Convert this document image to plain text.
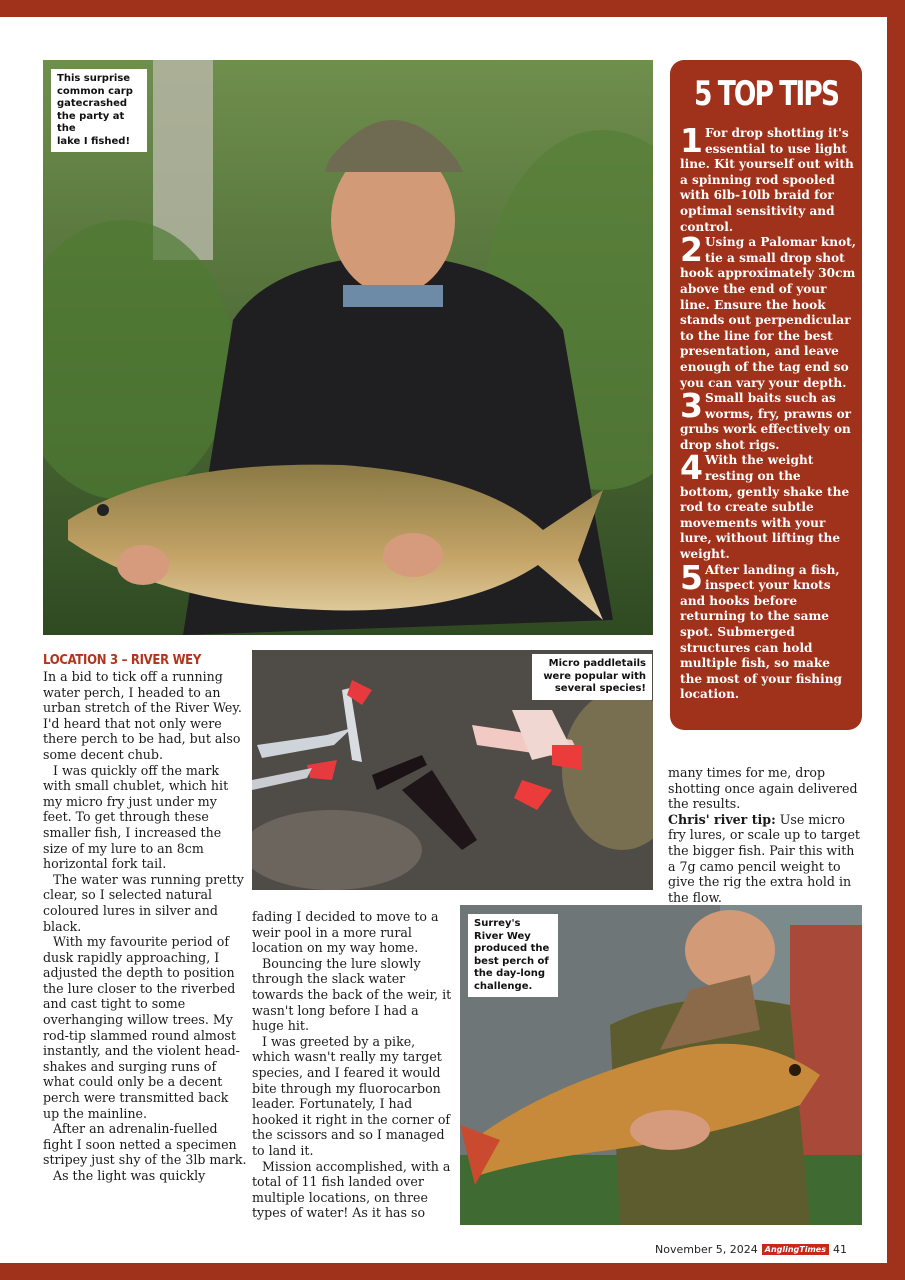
This surprise
common carp
gatecrashed
the party at the
lake I fished!
5 TOP TIPS

1 For drop shotting it's essential to use light line. Kit yourself out with a spinning rod spooled with 6lb-10lb braid for optimal sensitivity and control.

2 Using a Palomar knot, tie a small drop shot hook approximately 30cm above the end of your line. Ensure the hook stands out perpendicular to the line for the best presentation, and leave enough of the tag end so you can vary your depth.

3 Small baits such as worms, fry, prawns or grubs work effectively on drop shot rigs.

4 With the weight resting on the bottom, gently shake the rod to create subtle movements with your lure, without lifting the weight.

5 After landing a fish, inspect your knots and hooks before returning to the same spot. Submerged structures can hold multiple fish, so make the most of your fishing location.

LOCATION 3 – RIVER WEY

In a bid to tick off a running water perch, I headed to an urban stretch of the River Wey. I'd heard that not only were there perch to be had, but also some decent chub.

I was quickly off the mark with small chublet, which hit my micro fry just under my feet. To get through these smaller fish, I increased the size of my lure to an 8cm horizontal fork tail.

The water was running pretty clear, so I selected natural coloured lures in silver and black.

With my favourite period of dusk rapidly approaching, I adjusted the depth to position the lure closer to the riverbed and cast tight to some overhanging willow trees. My rod-tip slammed round almost instantly, and the violent head-shakes and surging runs of what could only be a decent perch were transmitted back up the mainline.

After an adrenalin-fuelled fight I soon netted a specimen stripey just shy of the 3lb mark.

As the light was quickly

Micro paddletails
were popular with
several species!

fading I decided to move to a weir pool in a more rural location on my way home.

Bouncing the lure slowly through the slack water towards the back of the weir, it wasn't long before I had a huge hit.

I was greeted by a pike, which wasn't really my target species, and I feared it would bite through my fluorocarbon leader. Fortunately, I had hooked it right in the corner of the scissors and so I managed to land it.

Mission accomplished, with a total of 11 fish landed over multiple locations, on three types of water! As it has so

many times for me, drop shotting once again delivered the results.

Chris' river tip: Use micro fry lures, or scale up to target the bigger fish. Pair this with a 7g camo pencil weight to give the rig the extra hold in the flow.

Surrey's
River Wey
produced the
best perch of
the day-long
challenge.
November 5, 2024 AnglingTimes 41
